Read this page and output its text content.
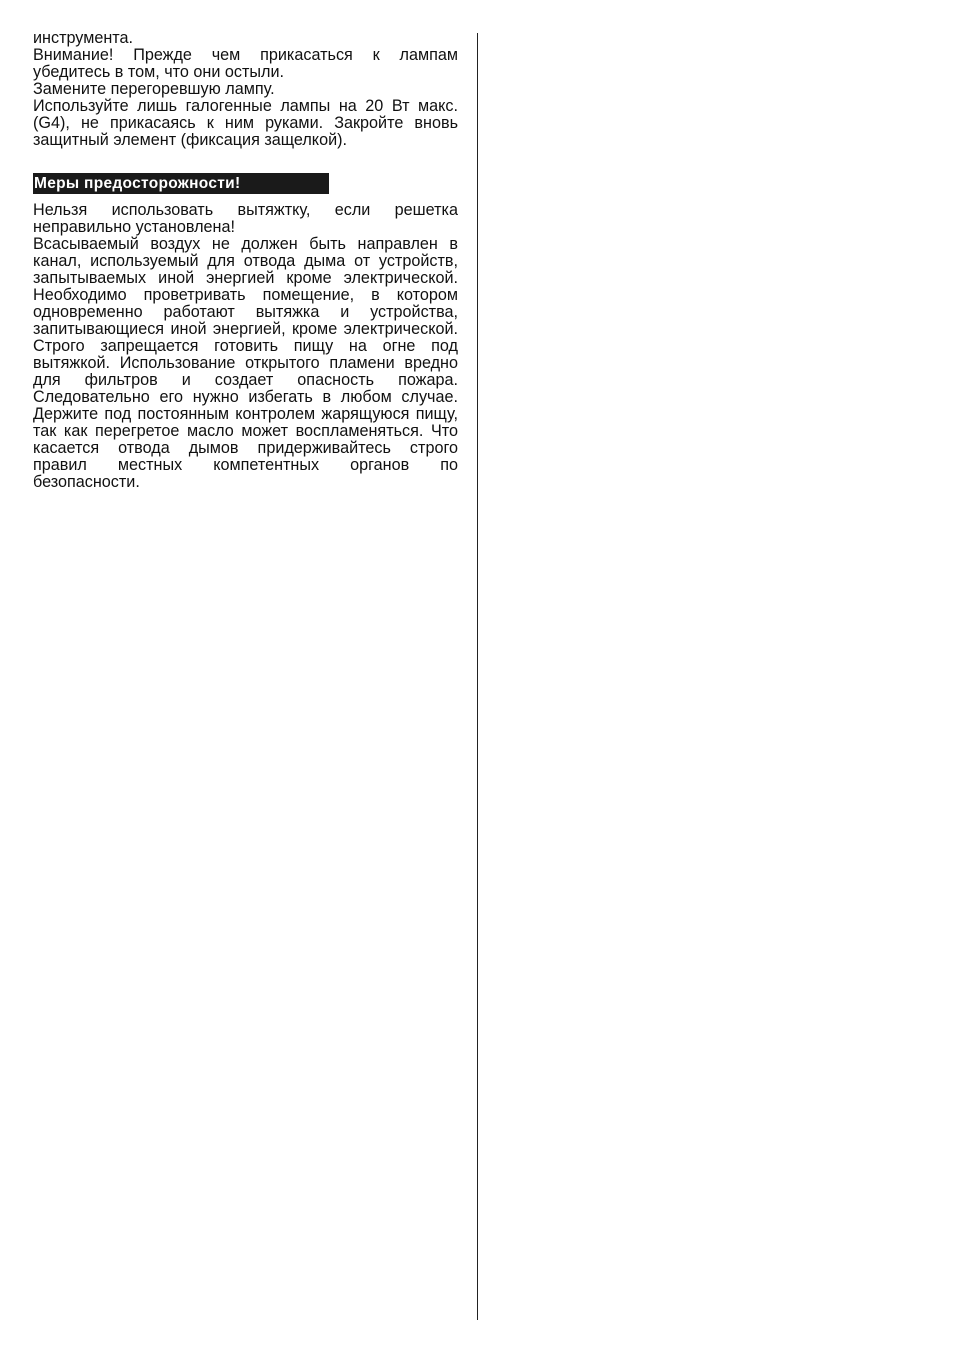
инструмента.

Внимание! Прежде чем прикасаться к лампам убедитесь в том, что они остыли.

Замените перегоревшую лампу.

Используйте лишь галогенные лампы на 20 Вт макс. (G4), не прикасаясь к ним руками. Закройте вновь защитный элемент (фиксация защелкой).

Меры предосторожности!

Нельзя использовать вытяжтку, если решетка неправильно установлена!

Всасываемый воздух не должен быть направлен в канал, используемый для отвода дыма от устройств, запытываемых иной энергией кроме электрической. Необходимо проветривать помещение, в котором одновременно работают вытяжка и устройства, запитывающиеся иной энергией, кроме электрической. Строго запрещается готовить пищу на огне под вытяжкой. Использование открытого пламени вредно для фильтров и создает опасность пожара. Следовательно его нужно избегать в любом случае. Держите под постоянным контролем жарящуюся пищу, так как перегретое масло может воспламеняться. Что касается отвода дымов придерживайтесь строго правил местных компетентных органов по безопасности.
